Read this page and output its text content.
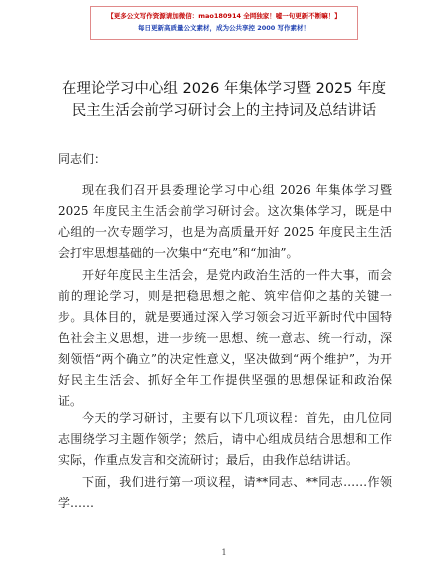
【更多公文写作资源请加微信：mao180914 全网独家！嘘一句更新不断嘛！】
每日更新高质量公文素材，成为公共享控 2000 写作素材！
在理论学习中心组 2026 年集体学习暨 2025 年度民主生活会前学习研讨会上的主持词及总结讲话
同志们：
现在我们召开县委理论学习中心组 2026 年集体学习暨 2025 年度民主生活会前学习研讨会。这次集体学习，既是中心组的一次专题学习，也是为高质量开好 2025 年度民主生活会打牢思想基础的一次集中“充电”和“加油”。
开好年度民主生活会，是党内政治生活的一件大事，而会前的理论学习，则是把稳思想之舵、筑牢信仰之基的关键一步。具体目的，就是要通过深入学习领会习近平新时代中国特色社会主义思想，进一步统一思想、统一意志、统一行动，深刻领悟“两个确立”的决定性意义，坚决做到“两个维护”，为开好民主生活会、抓好全年工作提供坚强的思想保证和政治保证。
今天的学习研讨，主要有以下几项议程：首先，由几位同志围绕学习主题作领学；然后，请中心组成员结合思想和工作实际，作重点发言和交流研讨；最后，由我作总结讲话。
下面，我们进行第一项议程，请**同志、**同志……作领学……
1
